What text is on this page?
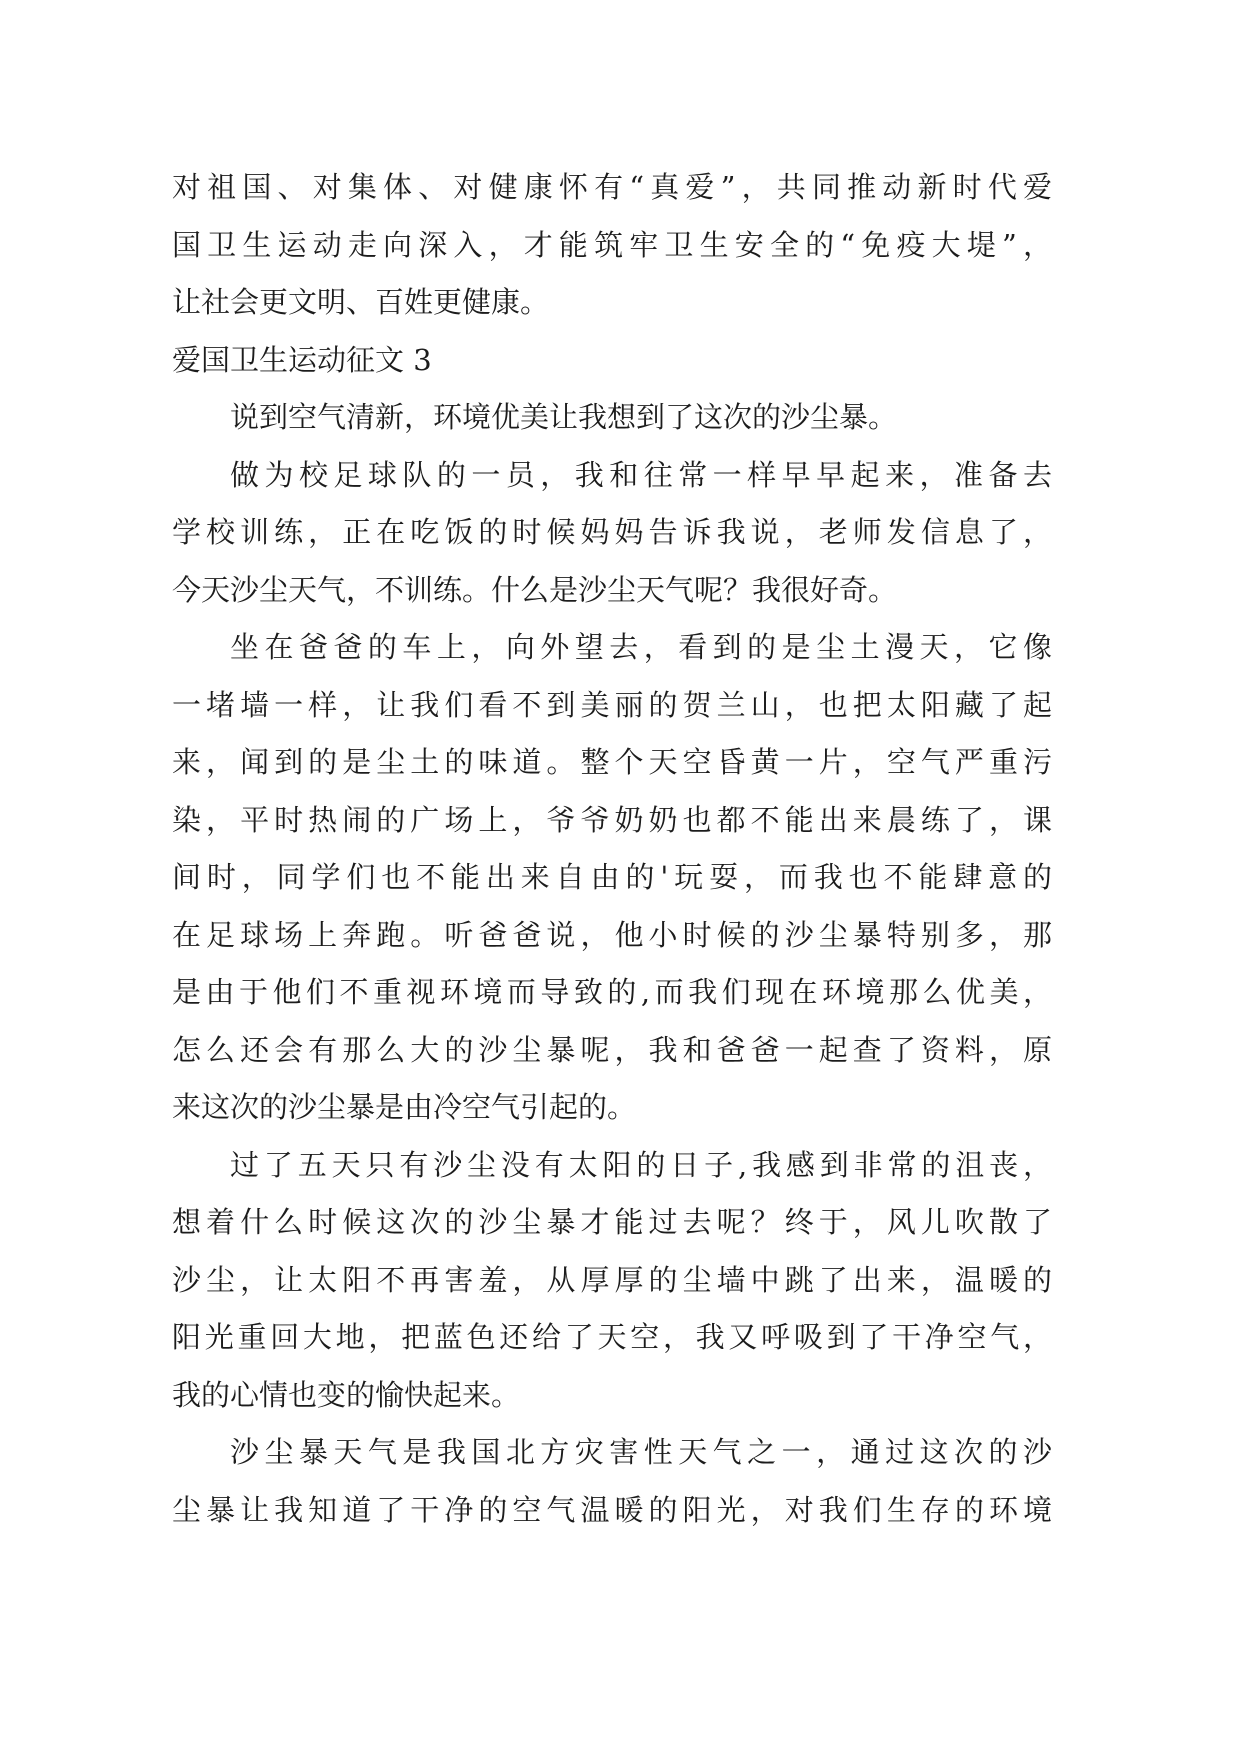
对祖国、对集体、对健康怀有“真爱”，共同推动新时代爱
国卫生运动走向深入，才能筑牢卫生安全的“免疫大堤”，
让社会更文明、百姓更健康。
爱国卫生运动征文 3
说到空气清新，环境优美让我想到了这次的沙尘暴。
做为校足球队的一员，我和往常一样早早起来，准备去
学校训练，正在吃饭的时候妈妈告诉我说，老师发信息了，
今天沙尘天气，不训练。什么是沙尘天气呢？我很好奇。
坐在爸爸的车上，向外望去，看到的是尘土漫天，它像
一堵墙一样，让我们看不到美丽的贺兰山，也把太阳藏了起
来，闻到的是尘土的味道。整个天空昏黄一片，空气严重污
染，平时热闹的广场上，爷爷奶奶也都不能出来晨练了，课
间时，同学们也不能出来自由的'玩耍，而我也不能肆意的
在足球场上奔跑。听爸爸说，他小时候的沙尘暴特别多，那
是由于他们不重视环境而导致的,而我们现在环境那么优美，
怎么还会有那么大的沙尘暴呢，我和爸爸一起查了资料，原
来这次的沙尘暴是由冷空气引起的。
过了五天只有沙尘没有太阳的日子,我感到非常的沮丧，
想着什么时候这次的沙尘暴才能过去呢？终于，风儿吹散了
沙尘，让太阳不再害羞，从厚厚的尘墙中跳了出来，温暖的
阳光重回大地，把蓝色还给了天空，我又呼吸到了干净空气，
我的心情也变的愉快起来。
沙尘暴天气是我国北方灾害性天气之一，通过这次的沙
尘暴让我知道了干净的空气温暖的阳光，对我们生存的环境
